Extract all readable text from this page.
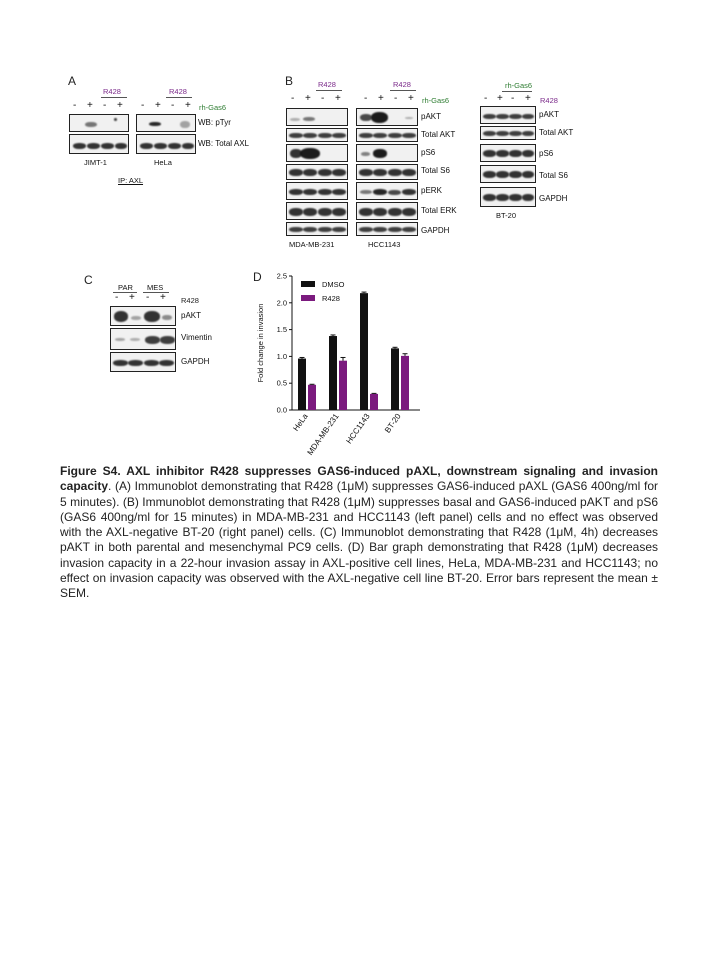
A
R428	R428
- + - + - + - + rh-Gas6
WB: pTyr
WB: Total AXL
JIMT-1	HeLa
IP: AXL
B	R428	R428
- + - + - + - + rh-Gas6
pAKT
Total AKT
pS6
Total S6
pERK
Total ERK
GAPDH
MDA-MB-231	HCC1143
rh-Gas6
- + - + R428
pAKT
Total AKT
pS6
Total S6
GAPDH
BT-20
C
PAR MES
- + - + R428
pAKT
Vimentin
GAPDH
D
0.0
0.5
1.0
1.5
2.0
2.5
Fold change in invasion
HeLa
MDA-MB-231 HCC1143 BT-20
DMSO
R428
Figure S4. AXL inhibitor R428 suppresses GAS6-induced pAXL, downstream signaling and invasion capacity. (A) Immunoblot demonstrating that R428 (1μM) suppresses GAS6-induced pAXL (GAS6 400ng/ml for 5 minutes). (B) Immunoblot demonstrating that R428 (1μM) suppresses basal and GAS6-induced pAKT and pS6 (GAS6 400ng/ml for 15 minutes) in MDA-MB-231 and HCC1143 (left panel) cells and no effect was observed with the AXL-negative BT-20 (right panel) cells. (C) Immunoblot demonstrating that R428 (1μM, 4h) decreases pAKT in both parental and mesenchymal PC9 cells. (D) Bar graph demonstrating that R428 (1μM) decreases invasion capacity in a 22-hour invasion assay in AXL-positive cell lines, HeLa, MDA-MB-231 and HCC1143; no effect on invasion capacity was observed with the AXL-negative cell line BT-20. Error bars represent the mean ± SEM.
